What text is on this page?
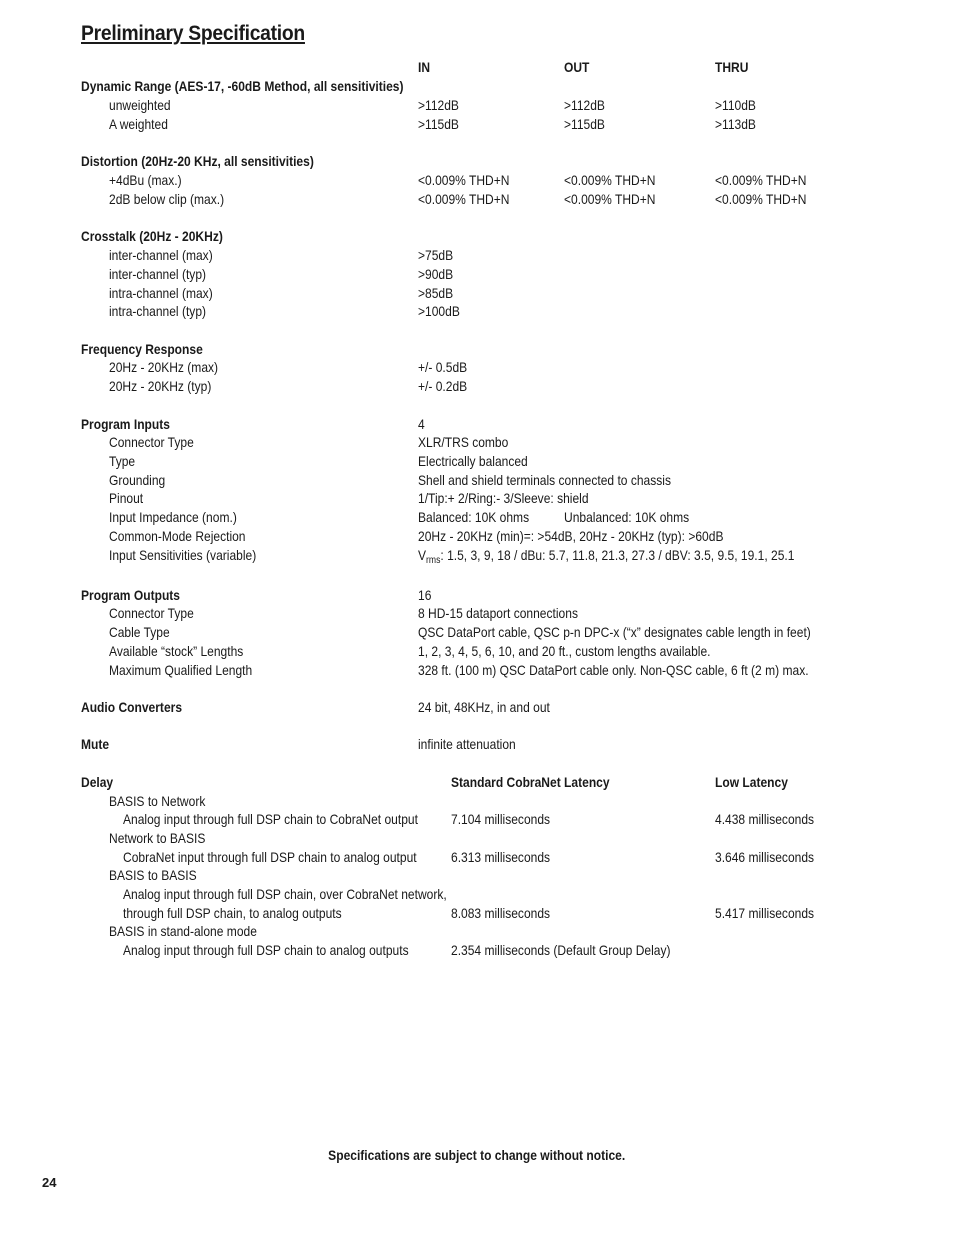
Preliminary Specification
IN	OUT	THRU
Dynamic Range (AES-17, -60dB Method, all sensitivities)
unweighted	>112dB	>112dB	>110dB
A weighted	>115dB	>115dB	>113dB
Distortion (20Hz-20 KHz, all sensitivities)
+4dBu (max.)	<0.009% THD+N	<0.009% THD+N	<0.009% THD+N
2dB below clip (max.)	<0.009% THD+N	<0.009% THD+N	<0.009% THD+N
Crosstalk (20Hz - 20KHz)
inter-channel (max)	>75dB
inter-channel (typ)	>90dB
intra-channel (max)	>85dB
intra-channel (typ)	>100dB
Frequency Response
20Hz - 20KHz (max)	+/- 0.5dB
20Hz - 20KHz (typ)	+/- 0.2dB
Program Inputs	4
Connector Type	XLR/TRS combo
Type	Electrically balanced
Grounding	Shell and shield terminals connected to chassis
Pinout	1/Tip:+ 2/Ring:- 3/Sleeve: shield
Input Impedance (nom.)	Balanced: 10K ohms Unbalanced: 10K ohms
Common-Mode Rejection	20Hz - 20KHz (min)=: >54dB, 20Hz - 20KHz (typ): >60dB
Input Sensitivities (variable)	$V_{rms}$: 1.5, 3, 9, 18 / dBu: 5.7, 11.8, 21.3, 27.3 / dBV: 3.5, 9.5, 19.1, 25.1
Program Outputs	16
Connector Type	8 HD-15 dataport connections
Cable Type	QSC DataPort cable, QSC p-n DPC-x (“x” designates cable length in feet)
Available “stock” Lengths	1, 2, 3, 4, 5, 6, 10, and 20 ft., custom lengths available.
Maximum Qualified Length	328 ft. (100 m) QSC DataPort cable only. Non-QSC cable, 6 ft (2 m) max.
Audio Converters	24 bit, 48KHz, in and out
Mute	infinite attenuation
Delay	Standard CobraNet Latency	Low Latency
BASIS to Network
Analog input through full DSP chain to CobraNet output 7.104 milliseconds	4.438 milliseconds
Network to BASIS
CobraNet input through full DSP chain to analog output 6.313 milliseconds	3.646 milliseconds
BASIS to BASIS
Analog input through full DSP chain, over CobraNet network,
through full DSP chain, to analog outputs	8.083 milliseconds	5.417 milliseconds
BASIS in stand-alone mode
Analog input through full DSP chain to analog outputs	2.354 milliseconds (Default Group Delay)
Specifications are subject to change without notice.
24
